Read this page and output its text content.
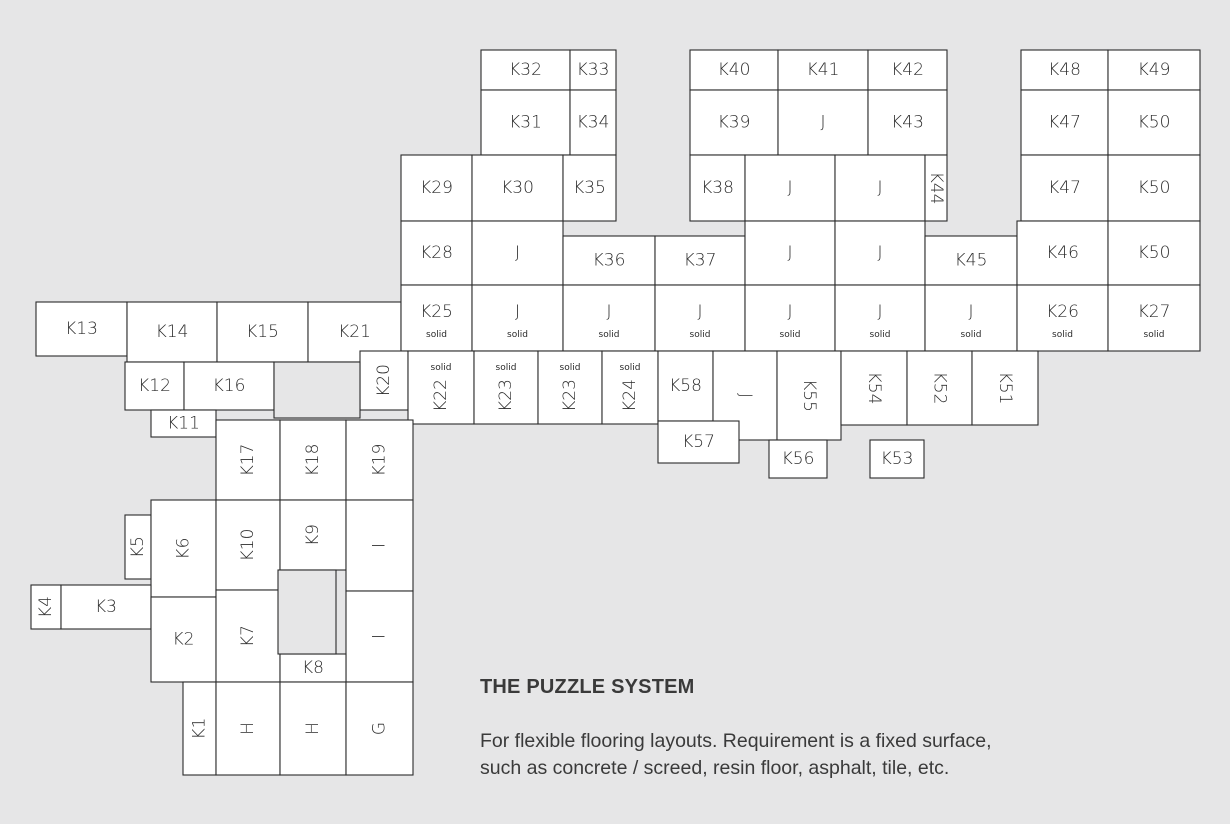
K32 K33
K31 K34
K40	K41	K42
K39	J	K43
K48	K49
K47	K50
K29	K30 K35	K38	J	J	K44	K47	K50
K28	J	K36	K37	J	J	K45	K46	K50
K13	K14	K15	K21
K25
solid
J
solid
J
solid
J
solid
J
solid
J
solid
J
solid
K26
solid
K27
solid
K12 K16	K20 K22
solid
K23
solid
K23
solid
K24
solid
K58 J	K55	K54	K52	K51
K57
K56	K53
K11
K17	K18	K19
K5 K6	K10	K9	I
K4 K3
K2	K7	I
K8
K1 H	H	G
THE PUZZLE SYSTEM

For flexible flooring layouts. Requirement is a fixed surface,
such as concrete / screed, resin floor, asphalt, tile, etc.
